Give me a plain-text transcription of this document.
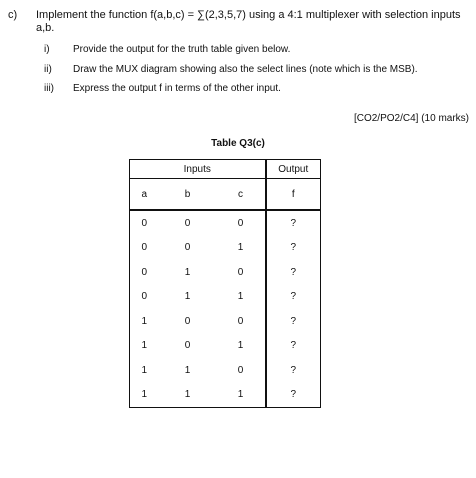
c) Implement the function f(a,b,c) = ∑(2,3,5,7) using a 4:1 multiplexer with selection inputs
a,b.
i) Provide the output for the truth table given below.
ii) Draw the MUX diagram showing also the select lines (note which is the MSB).
iii) Express the output f in terms of the other input.
[CO2/PO2/C4] (10 marks)
Table Q3(c)
Inputs			Output
a	b	c	f
0	0	0	?
0	0	1	?
0	1	0	?
0	1	1	?
1	0	0	?
1	0	1	?
1	1	0	?
1	1	1	?
